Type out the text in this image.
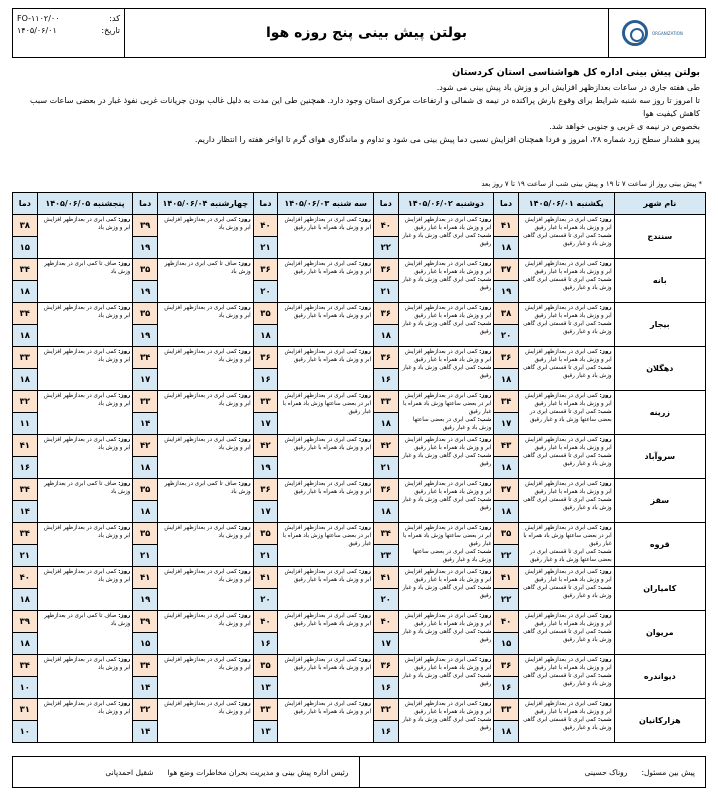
کد:
FO-۱۱۰۲/۰۰
تاریخ:
۱۴۰۵/۰۶/۰۱	بولتن پیش بینی پنج روزه هوا	ORGANIZATION
بولتن پیش بینی اداره کل هواشناسی استان کردستان

طی هفته جاری در ساعات بعدازظهر افزایش ابر و وزش باد پیش بینی می شود.

تا امروز تا روز سه شنبه شرایط برای وقوع بارش پراکنده در نیمه ی شمالی و ارتفاعات مرکزی استان وجود دارد. همچنین طی این مدت به دلیل غالب بودن جریانات غربی نفوذ غبار در بعضی ساعات سبب کاهش کیفیت هوا

بخصوص در نیمه ی غربی و جنوبی خواهد شد.

پیرو هشدار سطح زرد شماره ۲۸، امروز و فردا همچنان افزایش نسبی دما پیش بینی می شود و تداوم و ماندگاری هوای گرم تا اواخر هفته را انتظار داریم.

* پیش بینی روز از ساعت ۷ تا ۱۹ و پیش بینی شب از ساعت ۱۹ تا ۷ روز بعد
نام شهر	یکشنبه ۱۴۰۵/۰۶/۰۱	دما	دوشنبه ۱۴۰۵/۰۶/۰۲	دما	سه شنبه ۱۴۰۵/۰۶/۰۳	دما	چهارشنبه ۱۴۰۵/۰۶/۰۴	دما	پنجشنبه ۱۴۰۵/۰۶/۰۵	دما
سنندج	روز: کمی ابری در بعدازظهر افزایش ابر و وزش باد همراه با غبار رقیق
شب: کمی ابری تا قسمتی ابری گاهی وزش باد و غبار رقیق	۴۱	روز: کمی ابری در بعدازظهر افزایش ابر و وزش باد همراه با غبار رقیق
شب: کمی ابری گاهی وزش باد و غبار رقیق	۴۰	روز: کمی ابری در بعدازظهر افزایش ابر و وزش باد همراه با غبار رقیق	۴۰	روز: کمی ابری در بعدازظهر افزایش ابر و وزش باد	۳۹	روز: کمی ابری در بعدازظهر افزایش ابر و وزش باد	۳۸
		۱۸		۲۲		۲۱		۱۹		۱۵
بانه	روز: کمی ابری در بعدازظهر افزایش ابر و وزش باد همراه با غبار رقیق
شب: کمی ابری تا قسمتی ابری گاهی وزش باد و غبار رقیق	۳۷	روز: کمی ابری در بعدازظهر افزایش ابر و وزش باد همراه با غبار رقیق
شب: کمی ابری گاهی وزش باد و غبار رقیق	۳۶	روز: کمی ابری در بعدازظهر افزایش ابر و وزش باد همراه با غبار رقیق	۳۶	روز: صاف تا کمی ابری در بعدازظهر وزش باد	۳۵	روز: صاف تا کمی ابری در بعدازظهر وزش باد	۳۴
		۱۹		۲۱		۲۰		۱۹		۱۸
بیجار	روز: کمی ابری در بعدازظهر افزایش ابر و وزش باد همراه با غبار رقیق
شب: کمی ابری تا قسمتی ابری گاهی وزش باد و غبار رقیق	۳۸	روز: کمی ابری در بعدازظهر افزایش ابر و وزش باد همراه با غبار رقیق
شب: کمی ابری گاهی وزش باد و غبار رقیق	۳۶	روز: کمی ابری در بعدازظهر افزایش ابر و وزش باد همراه با غبار رقیق	۳۵	روز: کمی ابری در بعدازظهر افزایش ابر و وزش باد	۳۵	روز: کمی ابری در بعدازظهر افزایش ابر و وزش باد	۳۴
		۲۰		۱۸		۱۸		۱۹		۱۸
دهگلان	روز: کمی ابری در بعدازظهر افزایش ابر و وزش باد همراه با غبار رقیق
شب: کمی ابری تا قسمتی ابری گاهی وزش باد و غبار رقیق	۳۶	روز: کمی ابری در بعدازظهر افزایش ابر و وزش باد همراه با غبار رقیق
شب: کمی ابری گاهی وزش باد و غبار رقیق	۳۶	روز: کمی ابری در بعدازظهر افزایش ابر و وزش باد همراه با غبار رقیق	۳۶	روز: کمی ابری در بعدازظهر افزایش ابر و وزش باد	۳۴	روز: کمی ابری در بعدازظهر افزایش ابر و وزش باد	۳۳
		۱۸		۱۶		۱۶		۱۷		۱۸
زرینه	روز: کمی ابری در بعدازظهر افزایش ابر و وزش باد همراه با غبار رقیق
شب: کمی ابری تا قسمتی ابری در بعضی ساعتها وزش باد و غبار رقیق	۳۴	روز: کمی ابری در بعدازظهر افزایش ابر در بعضی ساعتها وزش باد همراه با غبار رقیق
شب: کمی ابری در بعضی ساعتها وزش باد و غبار رقیق	۳۳	روز: کمی ابری در بعدازظهر افزایش ابر در بعضی ساعتها وزش باد همراه با غبار رقیق	۳۳	روز: کمی ابری در بعدازظهر افزایش ابر و وزش باد	۳۳	روز: کمی ابری در بعدازظهر افزایش ابر و وزش باد	۳۲
		۱۷		۱۸		۱۷		۱۴		۱۱
سروآباد	روز: کمی ابری در بعدازظهر افزایش ابر و وزش باد همراه با غبار رقیق
شب: کمی ابری تا قسمتی ابری گاهی وزش باد و غبار رقیق	۴۳	روز: کمی ابری در بعدازظهر افزایش ابر و وزش باد همراه با غبار رقیق
شب: کمی ابری گاهی وزش باد و غبار رقیق	۴۲	روز: کمی ابری در بعدازظهر افزایش ابر و وزش باد همراه با غبار رقیق	۴۲	روز: کمی ابری در بعدازظهر افزایش ابر و وزش باد	۴۲	روز: کمی ابری در بعدازظهر افزایش ابر و وزش باد	۴۱
		۱۸		۲۱		۱۹		۱۸		۱۶
سقز	روز: کمی ابری در بعدازظهر افزایش ابر و وزش باد همراه با غبار رقیق
شب: کمی ابری تا قسمتی ابری گاهی وزش باد و غبار رقیق	۳۷	روز: کمی ابری در بعدازظهر افزایش ابر و وزش باد همراه با غبار رقیق
شب: کمی ابری گاهی وزش باد و غبار رقیق	۳۶	روز: کمی ابری در بعدازظهر افزایش ابر و وزش باد همراه با غبار رقیق	۳۶	روز: صاف تا کمی ابری در بعدازظهر وزش باد	۳۵	روز: صاف تا کمی ابری در بعدازظهر وزش باد	۳۴
		۱۸		۱۸		۱۷		۱۸		۱۴
قروه	روز: کمی ابری در بعدازظهر افزایش ابر در بعضی ساعتها وزش باد همراه با غبار رقیق
شب: کمی ابری تا قسمتی ابری در بعضی ساعتها وزش باد و غبار رقیق	۳۵	روز: کمی ابری در بعدازظهر افزایش ابر در بعضی ساعتها وزش باد همراه با غبار رقیق
شب: کمی ابری در بعضی ساعتها وزش باد و غبار رقیق	۳۴	روز: کمی ابری در بعدازظهر افزایش ابر در بعضی ساعتها وزش باد همراه با غبار رقیق	۳۵	روز: کمی ابری در بعدازظهر افزایش ابر و وزش باد	۳۵	روز: کمی ابری در بعدازظهر افزایش ابر و وزش باد	۳۴
		۲۲		۲۳		۲۱		۲۱		۲۱
کامیاران	روز: کمی ابری در بعدازظهر افزایش ابر و وزش باد همراه با غبار رقیق
شب: کمی ابری تا قسمتی ابری گاهی وزش باد و غبار رقیق	۴۱	روز: کمی ابری در بعدازظهر افزایش ابر و وزش باد همراه با غبار رقیق
شب: کمی ابری گاهی وزش باد و غبار رقیق	۴۱	روز: کمی ابری در بعدازظهر افزایش ابر و وزش باد همراه با غبار رقیق	۴۱	روز: کمی ابری در بعدازظهر افزایش ابر و وزش باد	۴۱	روز: کمی ابری در بعدازظهر افزایش ابر و وزش باد	۴۰
		۲۲		۲۰		۲۰		۱۹		۱۸
مریوان	روز: کمی ابری در بعدازظهر افزایش ابر و وزش باد همراه با غبار رقیق
شب: کمی ابری تا قسمتی ابری گاهی وزش باد و غبار رقیق	۴۰	روز: کمی ابری در بعدازظهر افزایش ابر و وزش باد همراه با غبار رقیق
شب: کمی ابری گاهی وزش باد و غبار رقیق	۴۰	روز: کمی ابری در بعدازظهر افزایش ابر و وزش باد همراه با غبار رقیق	۴۰	روز: کمی ابری در بعدازظهر افزایش ابر و وزش باد	۳۹	روز: صاف تا کمی ابری در بعدازظهر وزش باد	۳۹
		۱۵		۱۷		۱۶		۱۵		۱۸
دیواندره	روز: کمی ابری در بعدازظهر افزایش ابر و وزش باد همراه با غبار رقیق
شب: کمی ابری تا قسمتی ابری گاهی وزش باد و غبار رقیق	۳۶	روز: کمی ابری در بعدازظهر افزایش ابر و وزش باد همراه با غبار رقیق
شب: کمی ابری گاهی وزش باد و غبار رقیق	۳۶	روز: کمی ابری در بعدازظهر افزایش ابر و وزش باد همراه با غبار رقیق	۳۵	روز: کمی ابری در بعدازظهر افزایش ابر و وزش باد	۳۴	روز: کمی ابری در بعدازظهر افزایش ابر و وزش باد	۳۴
		۱۶		۱۶		۱۳		۱۴		۱۰
هزارکانیان	روز: کمی ابری در بعدازظهر افزایش ابر و وزش باد همراه با غبار رقیق
شب: کمی ابری تا قسمتی ابری گاهی وزش باد و غبار رقیق	۳۳	روز: کمی ابری در بعدازظهر افزایش ابر و وزش باد همراه با غبار رقیق
شب: کمی ابری گاهی وزش باد و غبار رقیق	۳۲	روز: کمی ابری در بعدازظهر افزایش ابر و وزش باد همراه با غبار رقیق	۳۳	روز: کمی ابری در بعدازظهر افزایش ابر و وزش باد	۳۲	روز: کمی ابری در بعدازظهر افزایش ابر و وزش باد	۳۱
		۱۸		۱۶		۱۳		۱۴		۱۰
پیش بین مسئول:
روناک حسینی
رئیس اداره پیش بینی و مدیریت بحران مخاطرات وضع هوا
شقیل احمدپانی
